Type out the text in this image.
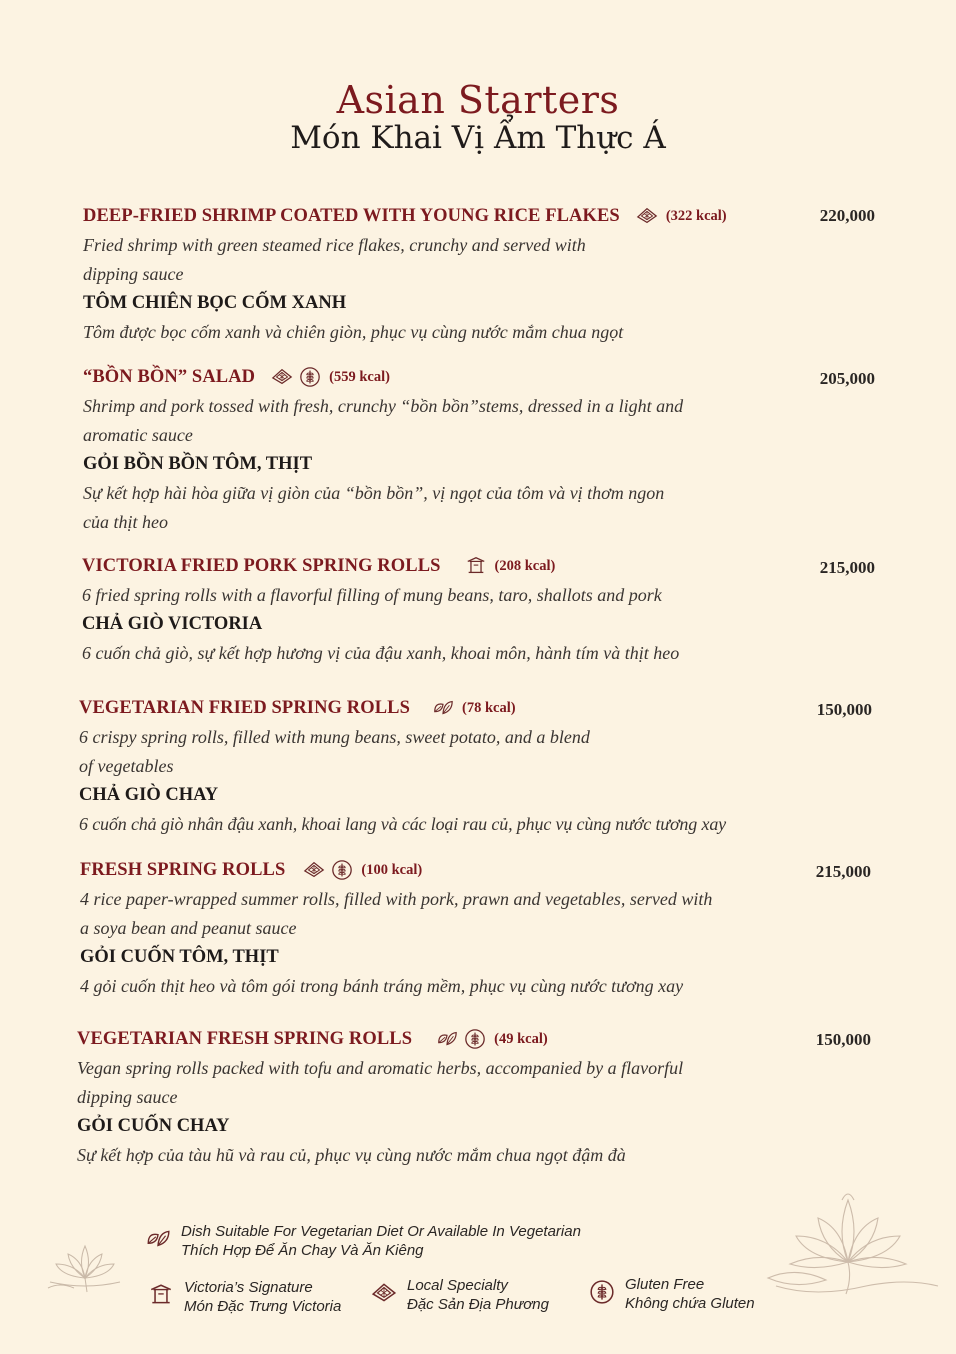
Asian Starters
Món Khai Vị Ẩm Thực Á
DEEP-FRIED SHRIMP COATED WITH YOUNG RICE FLAKES	(322 kcal)	220,000
Fried shrimp with green steamed rice flakes, crunchy and served with
dipping sauce
TÔM CHIÊN BỌC CỐM XANH
Tôm được bọc cốm xanh và chiên giòn, phục vụ cùng nước mắm chua ngọt
“BỒN BỒN” SALAD	(559 kcal)	205,000
Shrimp and pork tossed with fresh, crunchy “bồn bồn”stems, dressed in a light and
aromatic sauce
GỎI BỒN BỒN TÔM, THỊT
Sự kết hợp hài hòa giữa vị giòn của “bồn bồn”, vị ngọt của tôm và vị thơm ngon
của thịt heo
VICTORIA FRIED PORK SPRING ROLLS	(208 kcal)	215,000
6 fried spring rolls with a flavorful filling of mung beans, taro, shallots and pork
CHẢ GIÒ VICTORIA
6 cuốn chả giò, sự kết hợp hương vị của đậu xanh, khoai môn, hành tím và thịt heo
VEGETARIAN FRIED SPRING ROLLS	(78 kcal)	150,000
6 crispy spring rolls, filled with mung beans, sweet potato, and a blend
of vegetables
CHẢ GIÒ CHAY
6 cuốn chả giò nhân đậu xanh, khoai lang và các loại rau củ, phục vụ cùng nước tương xay
FRESH SPRING ROLLS	(100 kcal)	215,000
4 rice paper-wrapped summer rolls, filled with pork, prawn and vegetables, served with
a soya bean and peanut sauce
GỎI CUỐN TÔM, THỊT
4 gỏi cuốn thịt heo và tôm gói trong bánh tráng mềm, phục vụ cùng nước tương xay
VEGETARIAN FRESH SPRING ROLLS	(49 kcal)	150,000
Vegan spring rolls packed with tofu and aromatic herbs, accompanied by a flavorful
dipping sauce
GỎI CUỐN CHAY
Sự kết hợp của tàu hũ và rau củ, phục vụ cùng nước mắm chua ngọt đậm đà
Dish Suitable For Vegetarian Diet Or Available In Vegetarian
Thích Hợp Để Ăn Chay Và Ăn Kiêng
Victoria’s Signature
Món Đặc Trưng Victoria
Local Specialty
Đặc Sản Địa Phương
Gluten Free
Không chứa Gluten
